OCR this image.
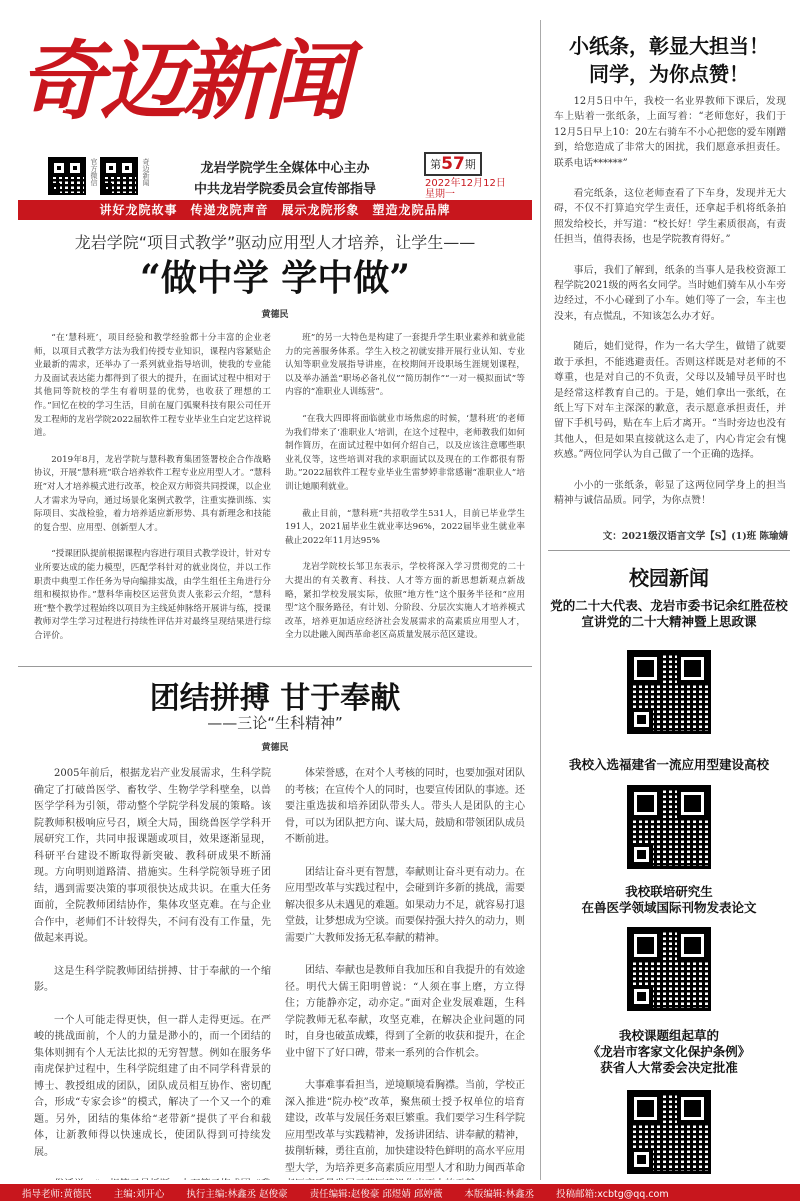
奇迈新闻
官方微信	奇迈新闻	龙岩学院学生全媒体中心主办
中共龙岩学院委员会宣传部指导
第 57 期
2022年12月12日
星期一
讲好龙院故事　传递龙院声音　展示龙院形象　塑造龙院品牌
龙岩学院“项目式教学”驱动应用型人才培养，让学生——
“做中学 学中做”
黄德民

“在‘慧科班’，项目经验和教学经验都十分丰富的企业老师，以项目式教学方法为我们传授专业知识，课程内容紧贴企业最新的需求，还举办了一系列就业指导培训，使我的专业能力及面试表达能力都得到了很大的提升，在面试过程中相对于其他同等院校的学生有着明显的优势，也收获了理想的工作。”回忆在校的学习生活，目前在厦门弧聚科技有限公司任开发工程师的龙岩学院2022届软件工程专业毕业生白定艺这样说道。

2019年8月，龙岩学院与慧科教育集团签署校企合作战略协议，开展“慧科班”联合培养软件工程专业应用型人才。“慧科班”对人才培养模式进行改革，校企双方师资共同授课，以企业人才需求为导向，通过场景化案例式教学，注重实操训练、实际项目、实战检验，着力培养适应新形势、具有新理念和技能的复合型、应用型、创新型人才。

“授课团队提前根据课程内容进行项目式教学设计，针对专业所要达成的能力模型，匹配学科针对的就业岗位，并以工作职责中典型工作任务为导向编排实战，由学生组任主角进行分组和模拟协作。”慧科华南校区运营负责人张彩云介绍，“慧科班”整个教学过程始终以项目为主线延伸脉络开展讲与练，授课教师对学生学习过程进行持续性评估并对最终呈现结果进行综合评价。

班”的另一大特色是构建了一套提升学生职业素养和就业能力的完善服务体系。学生入校之初就安排开展行业认知、专业认知等职业发展指导讲座，在校期间开设职场生涯规划课程，以及举办涵盖“职场必备礼仪”“简历制作”“一对一模拟面试”等内容的“准职业人训练营”。

“在我大四即将面临就业市场焦虑的时候，‘慧科班’的老师为我们带来了‘准职业人’培训，在这个过程中，老师教我们如何制作简历，在面试过程中如何介绍自己，以及应该注意哪些职业礼仪等，这些培训对我的求职面试以及现在的工作都很有帮助。”2022届软件工程专业毕业生雷梦婷非常感谢“准职业人”培训让她顺利就业。

截止目前，“慧科班”共招收学生531人，目前已毕业学生191人，2021届毕业生就业率达96%，2022届毕业生就业率截止2022年11月达95%

龙岩学院校长邹卫东表示，学校将深入学习贯彻党的二十大提出的有关教育、科技、人才等方面的新思想新观点新战略，紧扣学校发展实际，依照“地方性”这个服务半径和“应用型”这个服务路径，有计划、分阶段、分层次实施人才培养模式改革，培养更加适应经济社会发展需求的高素质应用型人才，全力以赴融入闽西革命老区高质量发展示范区建设。

团结拼搏 甘于奉献
——三论“生科精神”
黄德民

2005年前后，根据龙岩产业发展需求，生科学院确定了打破兽医学、畜牧学、生物学学科壁垒，以兽医学学科为引领，带动整个学院学科发展的策略。该院教师积极响应号召，顾全大局，围绕兽医学学科开展研究工作，共同申报课题或项目，效果逐渐显现，科研平台建设不断取得新突破、教科研成果不断涌现。方向明则道路清、措施实。生科学院领导班子团结，遇到需要决策的事项很快达成共识。在重大任务面前，全院教师团结协作，集体攻坚克难。在与企业合作中，老师们不计较得失，不问有没有工作量，先做起来再说。

这是生科学院教师团结拼搏、甘于奉献的一个缩影。

一个人可能走得更快，但一群人走得更远。在严峻的挑战面前，个人的力量是渺小的，而一个团结的集体则拥有个人无法比拟的无穷智慧。例如在服务华南虎保护过程中，生科学院组建了由不同学科背景的博士、教授组成的团队，团队成员相互协作、密切配合，形成“专家会诊”的模式，解决了一个又一个的难题。另外，团结的集体给“老带新”提供了平台和载体，让新教师得以快速成长，使团队得到可持续发展。

体荣誉感，在对个人考核的同时，也要加强对团队的考核；在宣传个人的同时，也要宣传团队的事迹。还要注重选拔和培养团队带头人。带头人是团队的主心骨，可以为团队把方向、谋大局，鼓励和带领团队成员不断前进。

团结让奋斗更有智慧，奉献则让奋斗更有动力。在应用型改革与实践过程中，会碰到许多新的挑战，需要解决很多从未遇见的难题。如果动力不足，就容易打退堂鼓，让梦想成为空谈。而要保持强大持久的动力，则需要广大教师发扬无私奉献的精神。

团结、奉献也是教师自我加压和自我提升的有效途径。明代大儒王阳明曾说：“人须在事上磨，方立得住；方能静亦定，动亦定。”面对企业发展难题，生科学院教师无私奉献，攻坚克难，在解决企业问题的同时，自身也破茧成蝶，得到了全新的收获和提升，在企业中留下了好口碑，带来一系列的合作机会。

大事难事看担当，逆境顺境看胸襟。当前，学校正深入推进“院办校”改革，聚焦硕士授予权单位的培育建设，改革与发展任务艰巨繁重。我们要学习生科学院应用型改革与实践精神，发扬讲团结、讲奉献的精神，拔削斩棘，勇往直前，加快建设特色鲜明的高水平应用型大学，为培养更多高素质应用型人才和助力闽西革命

小纸条，彰显大担当！
同学，为你点赞！

12月5日中午，我校一名业界教师下课后，发现车上贴着一张纸条，上面写着：“老师您好，我们于12月5日早上10：20左右骑车不小心把您的爱车刚蹭到，给您造成了非常大的困扰，我们愿意承担责任。联系电话******”

看完纸条，这位老师查看了下车身，发现并无大碍，不仅不打算追究学生责任，还拿起手机将纸条拍照发给校长，并写道：“校长好！学生素质很高，有责任担当，值得表扬，也是学院教育得好。”

事后，我们了解到，纸条的当事人是我校资源工程学院2021级的两名女同学。当时她们骑车从小车旁边经过，不小心碰到了小车。她们等了一会，车主也没来，有点慌乱，不知该怎么办才好。

随后，她们觉得，作为一名大学生，做错了就要敢于承担，不能逃避责任。否则这样既是对老师的不尊重，也是对自己的不负责，父母以及辅导员平时也是经常这样教育自己的。于是，她们拿出一张纸，在纸上写下对车主深深的歉意，表示愿意承担责任，并留下手机号码，贴在车上后才离开。“当时旁边也没有其他人，但是如果直接就这么走了，内心肯定会有愧疚感。”两位同学认为自己做了一个正确的选择。

小小的一张纸条，彰显了这两位同学身上的担当精神与诚信品质。同学，为你点赞！

文：2021级汉语言文学【S】(1)班 陈瑜婧
校园新闻
党的二十大代表、龙岩市委书记余红胜莅校宣讲党的二十大精神暨上思政课
我校入选福建省一流应用型建设高校
我校联培研究生
在兽医学领域国际刊物发表论文
我校课题组起草的
《龙岩市客家文化保护条例》
获省人大常委会决定批准
指导老师:黄德民 主编:刘开心 执行主编:林鑫丞 赵俊豪 责任编辑:赵俊豪 邱煜婧 邱婷薇 本版编辑:林鑫丞 投稿邮箱:xcbtg@qq.com
